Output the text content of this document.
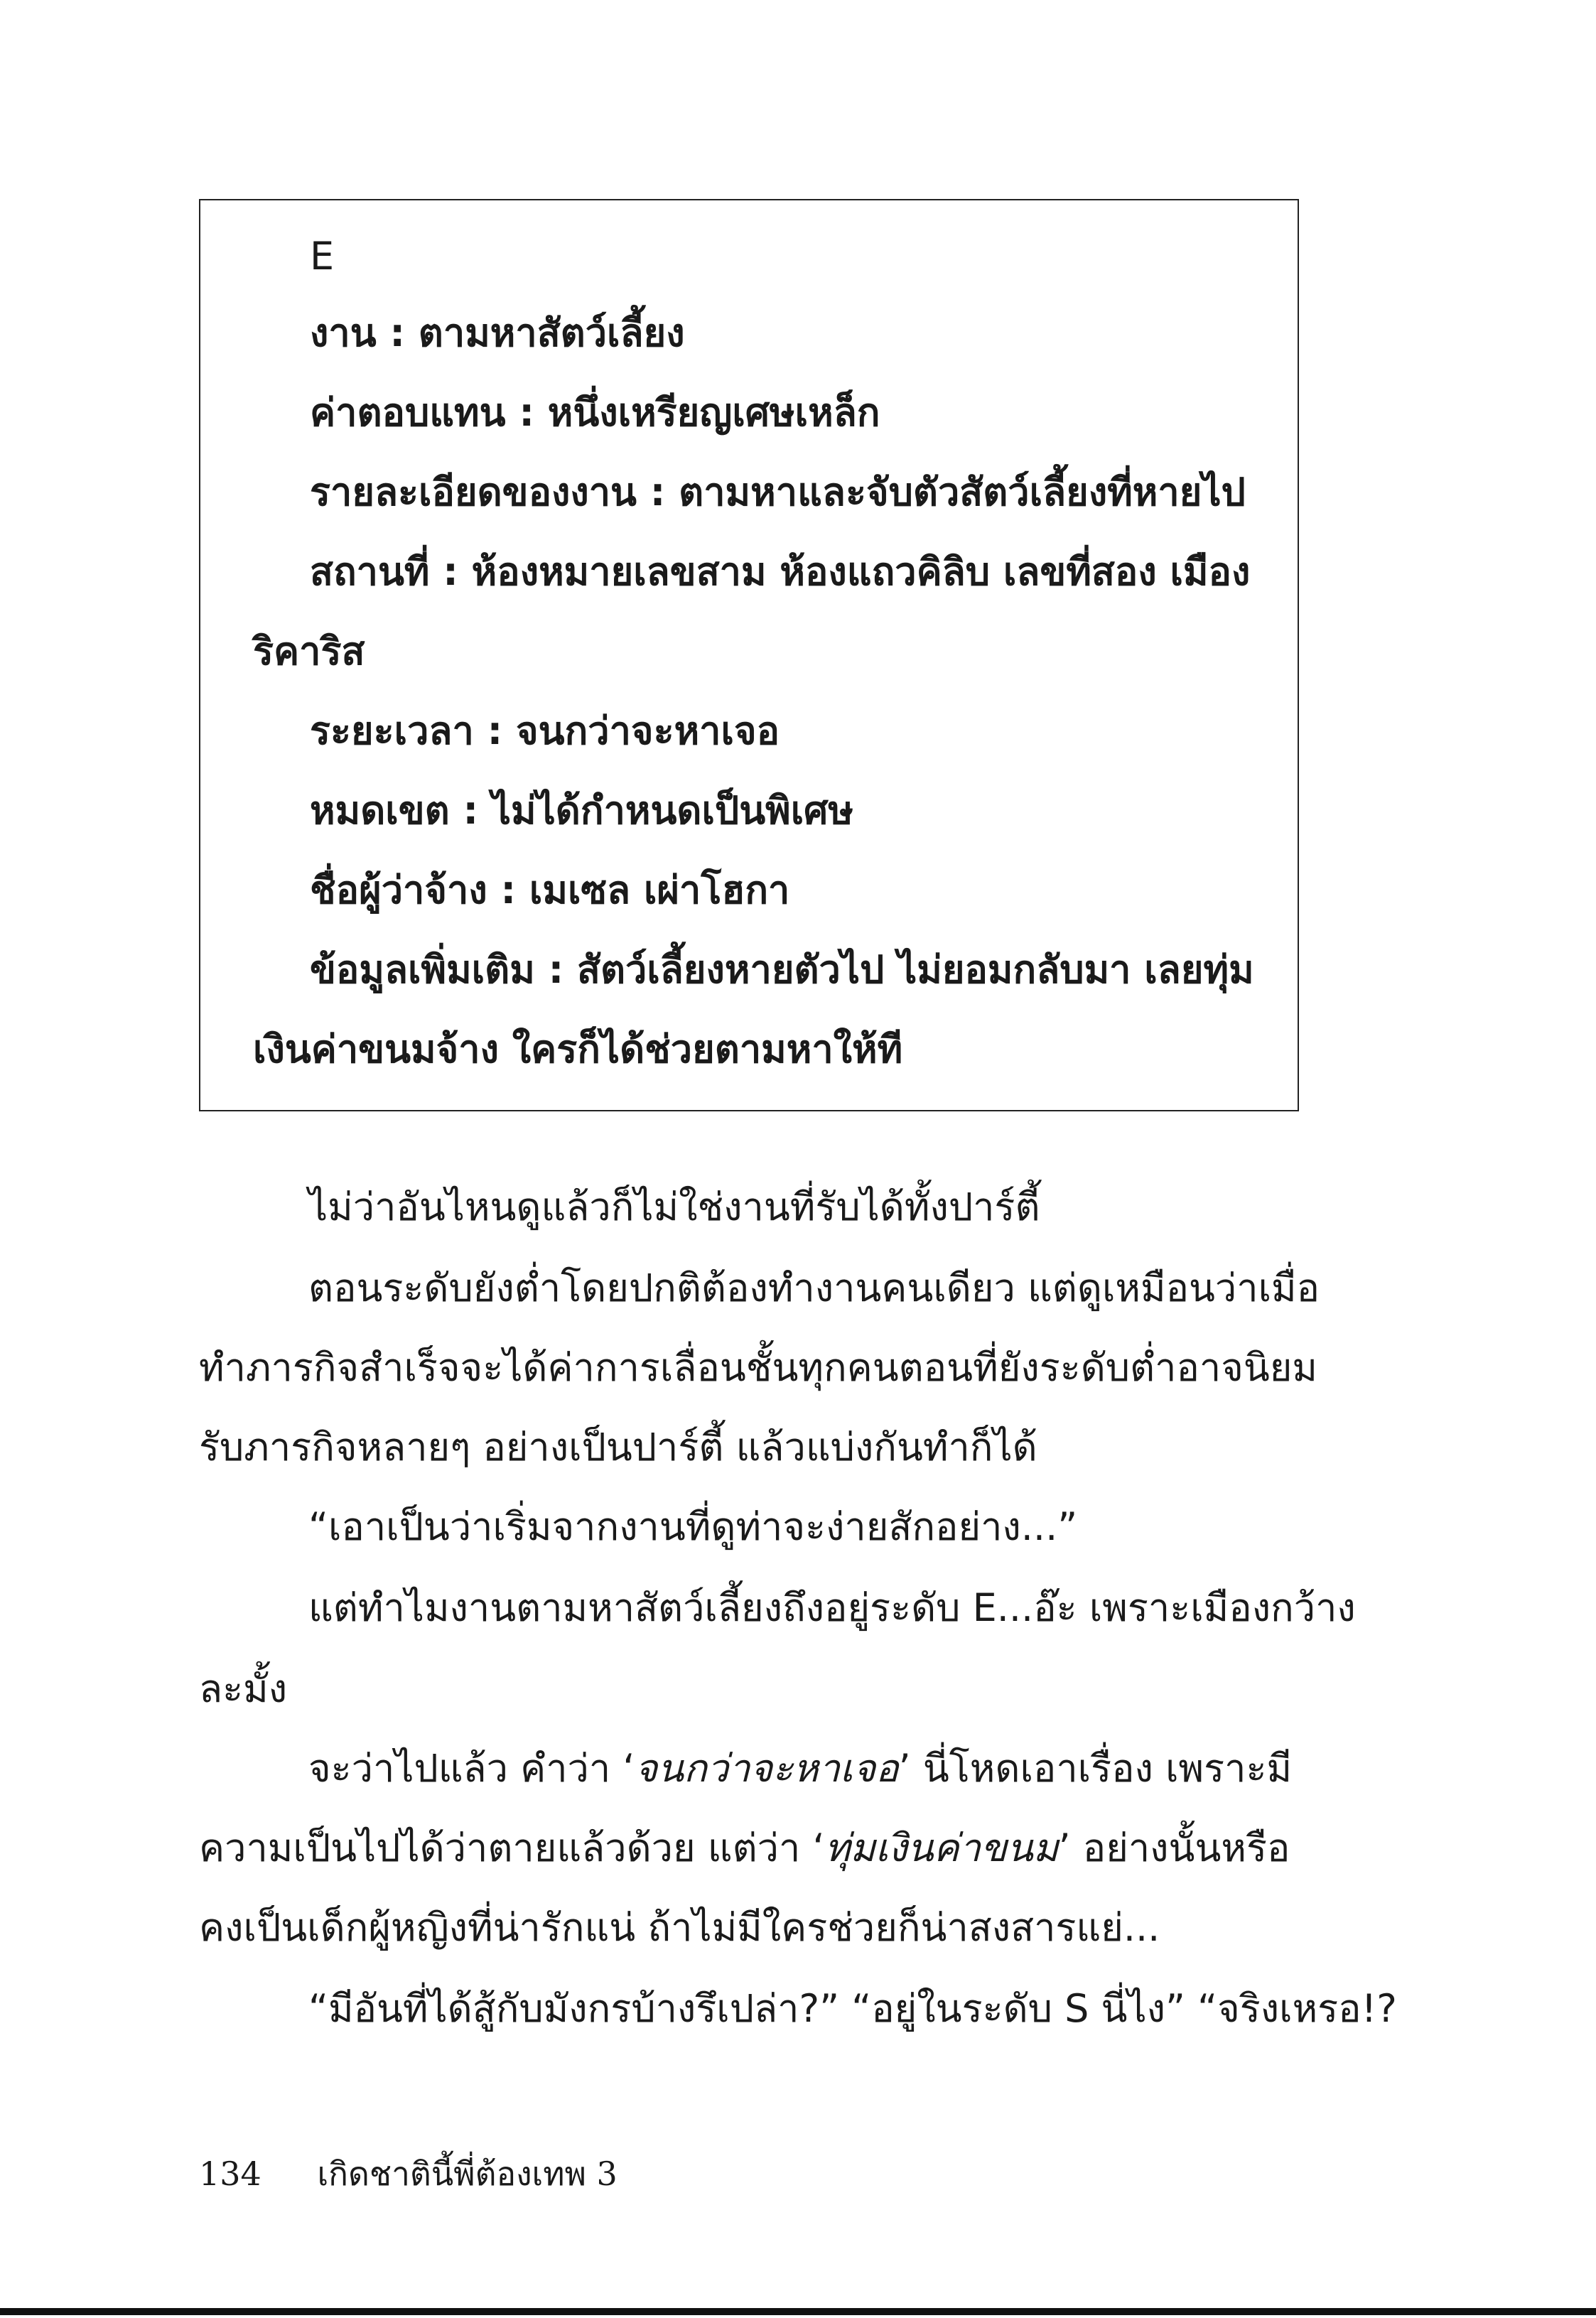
E
งาน : ตามหาสัตว์เลี้ยง
ค่าตอบแทน : หนึ่งเหรียญเศษเหล็ก
รายละเอียดของงาน : ตามหาและจับตัวสัตว์เลี้ยงที่หายไป
สถานที่ : ห้องหมายเลขสาม ห้องแถวคิลิบ เลขที่สอง เมือง
ริคาริส
ระยะเวลา : จนกว่าจะหาเจอ
หมดเขต : ไม่ได้กำหนดเป็นพิเศษ
ชื่อผู้ว่าจ้าง : เมเซล เผ่าโฮกา
ข้อมูลเพิ่มเติม : สัตว์เลี้ยงหายตัวไป ไม่ยอมกลับมา เลยทุ่ม
เงินค่าขนมจ้าง ใครก็ได้ช่วยตามหาให้ที
ไม่ว่าอันไหนดูแล้วก็ไม่ใช่งานที่รับได้ทั้งปาร์ตี้
ตอนระดับยังต่ำโดยปกติต้องทำงานคนเดียว แต่ดูเหมือนว่าเมื่อ
ทำภารกิจสำเร็จจะได้ค่าการเลื่อนชั้นทุกคนตอนที่ยังระดับต่ำอาจนิยม
รับภารกิจหลายๆ อย่างเป็นปาร์ตี้ แล้วแบ่งกันทำก็ได้
“เอาเป็นว่าเริ่มจากงานที่ดูท่าจะง่ายสักอย่าง...”
แต่ทำไมงานตามหาสัตว์เลี้ยงถึงอยู่ระดับ E...อ๊ะ เพราะเมืองกว้าง
ละมั้ง
จะว่าไปแล้ว คำว่า ‘จนกว่าจะหาเจอ’ นี่โหดเอาเรื่อง เพราะมี
ความเป็นไปได้ว่าตายแล้วด้วย แต่ว่า ‘ทุ่มเงินค่าขนม’ อย่างนั้นหรือ
คงเป็นเด็กผู้หญิงที่น่ารักแน่ ถ้าไม่มีใครช่วยก็น่าสงสารแย่...
“มีอันที่ได้สู้กับมังกรบ้างรึเปล่า?” “อยู่ในระดับ S นี่ไง” “จริงเหรอ!?
134 เกิดชาตินี้พี่ต้องเทพ 3
